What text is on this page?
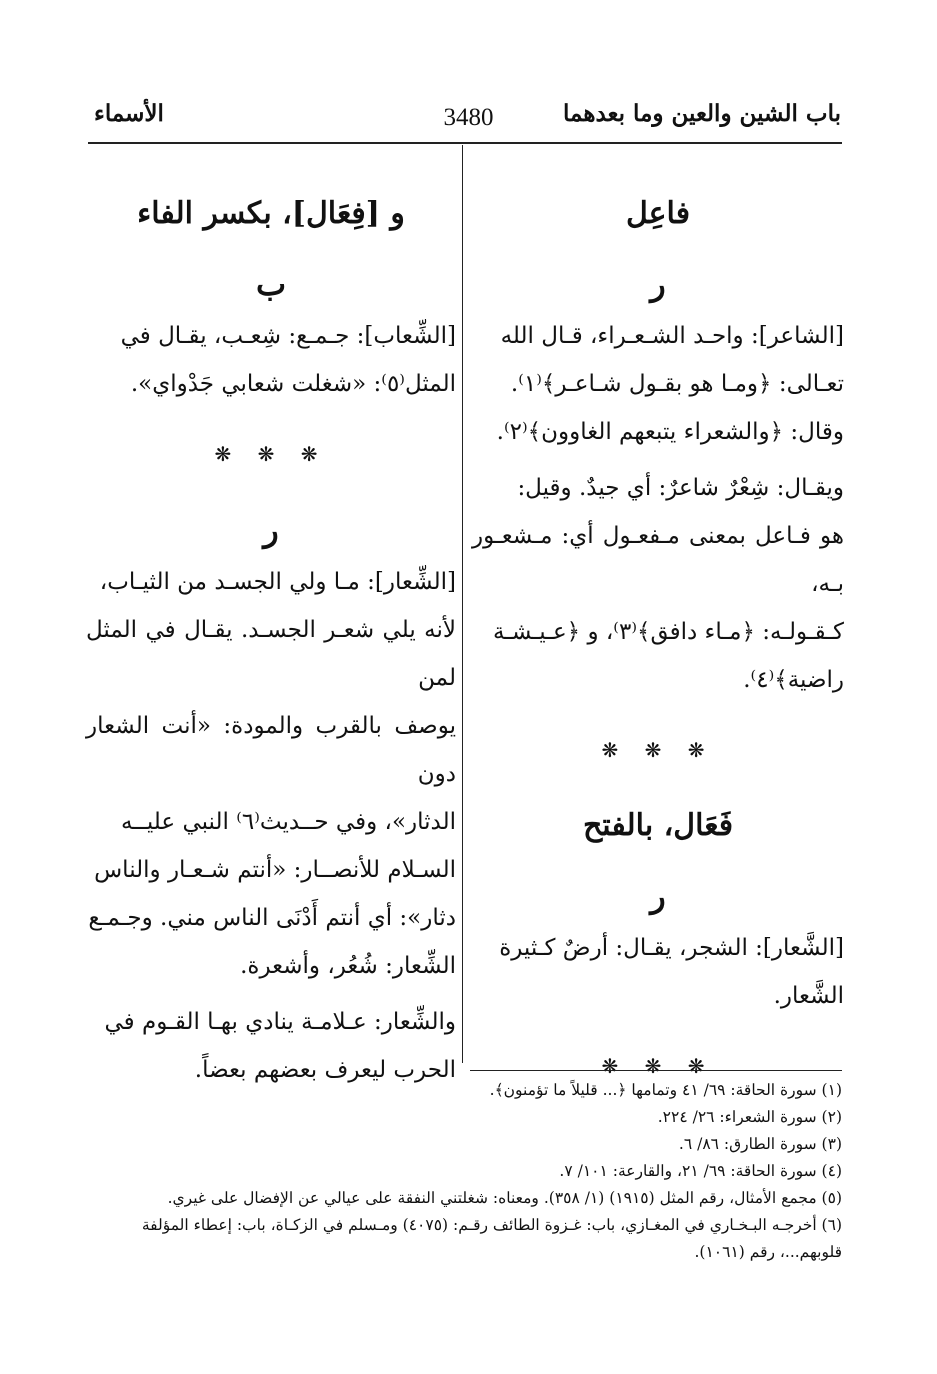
الأسماء	3480	باب الشين والعين وما بعدهما
فاعِل
ر
[الشاعر]: واحـد الشـعـراء، قـال الله
تعـالى: ﴿ومـا هو بقـول شـاعـر﴾⁽١⁾.
وقال: ﴿والشعراء يتبعهم الغاوون﴾⁽٢⁾.
ويقـال: شِعْرٌ شاعرٌ: أي جيدٌ. وقيل:
هو فـاعل بمعنى مـفعـول أي: مـشعـور بـه،
كـقـولـه: ﴿مـاء دافق﴾⁽٣⁾، و ﴿عـيـشـة
راضية﴾⁽٤⁾.
❋ ❋ ❋
فَعَال، بالفتح
ر
[الشَّعار]: الشجر، يقـال: أرضٌ كـثيرة
الشَّعار.
❋ ❋ ❋
و [فِعَال]، بكسر الفاء
ب
[الشِّعاب]: جـمـع: شِعـب، يقـال في
المثل⁽٥⁾: «شغلت شعابي جَدْواي».
❋ ❋ ❋
ر
[الشِّعار]: مـا ولي الجسـد من الثيـاب،
لأنه يلي شعـر الجسـد. يقـال في المثل لمن
يوصف بالقرب والمودة: «أنت الشعار دون
الدثار»، وفي حــديث⁽٦⁾ النبي عليــه
السـلام للأنصــار: «أنتم شـعـار والناس
دثار»: أي أنتم أَدْنَى الناس مني. وجـمـع
الشِّعار: شُعُر، وأشعرة.
والشِّعار: عـلامـة ينادي بهـا القـوم في
الحرب ليعرف بعضهم بعضاً.

(١) سورة الحاقة: ٦٩/ ٤١ وتمامها ﴿... قليلاً ما تؤمنون﴾.

(٢) سورة الشعراء: ٢٦/ ٢٢٤.

(٣) سورة الطارق: ٨٦/ ٦.

(٤) سورة الحاقة: ٦٩/ ٢١، والقارعة: ١٠١/ ٧.

(٥) مجمع الأمثال، رقم المثل (١٩١٥) (١/ ٣٥٨). ومعناه: شغلتني النفقة على عيالي عن الإفضال على غيري.

(٦) أخرجـه البـخـاري في المغـازي، باب: غـزوة الطائف رقـم: (٤٠٧٥) ومـسلم في الزكـاة، باب: إعطاء المؤلفة

قلوبهم...، رقم (١٠٦١).
